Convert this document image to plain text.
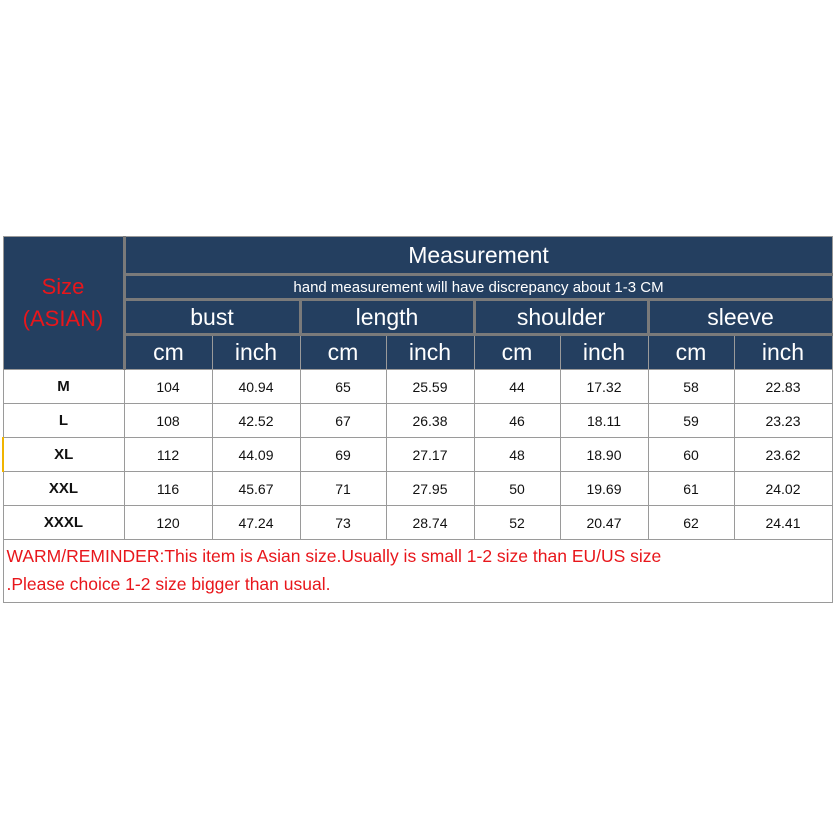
Size
(ASIAN)	Measurement							
	hand measurement will have discrepancy about 1-3 CM							
	bust		length		shoulder		sleeve	
	cm	inch	cm	inch	cm	inch	cm	inch
M	104	40.94	65	25.59	44	17.32	58	22.83
L	108	42.52	67	26.38	46	18.11	59	23.23
XL	112	44.09	69	27.17	48	18.90	60	23.62
XXL	116	45.67	71	27.95	50	19.69	61	24.02
XXXL	120	47.24	73	28.74	52	20.47	62	24.41

WARM/REMINDER:This item is Asian size.Usually is small 1-2 size than EU/US size
.Please choice 1-2 size bigger than usual.								
